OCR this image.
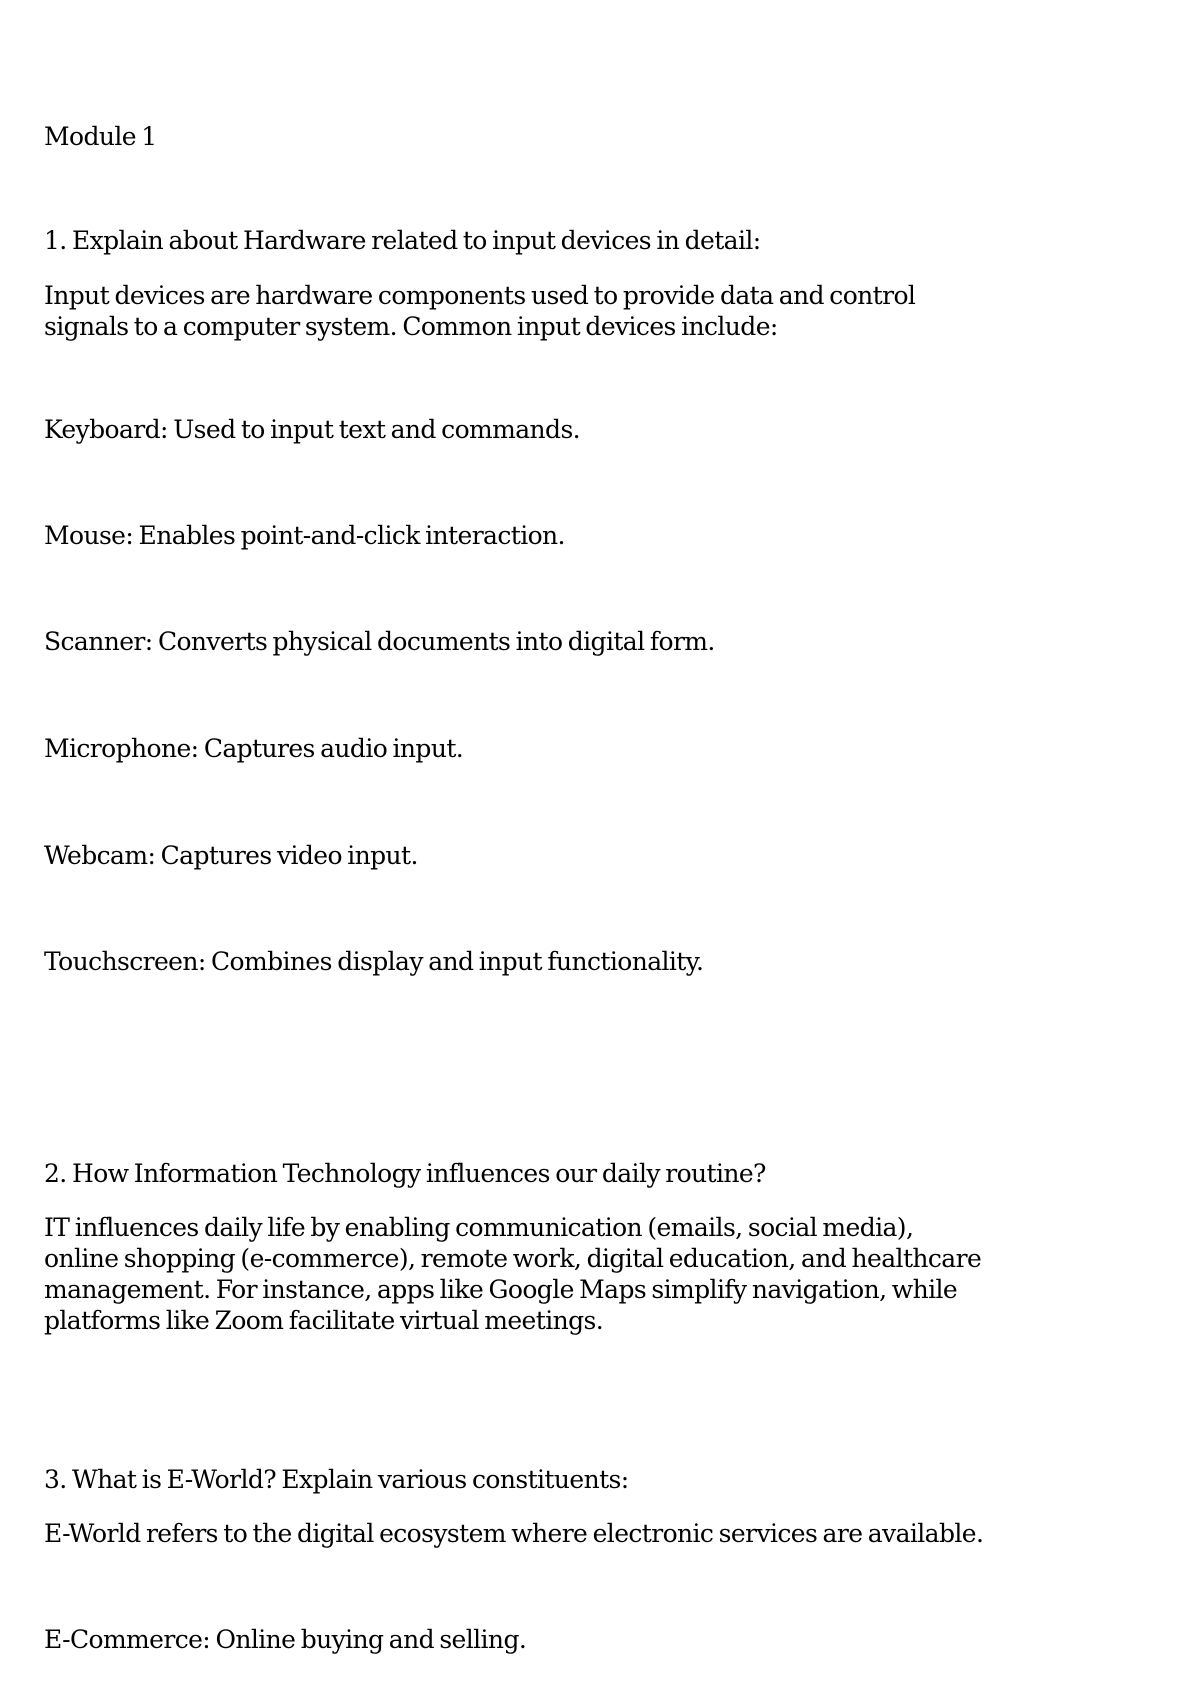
Module 1

1. Explain about Hardware related to input devices in detail:

Input devices are hardware components used to provide data and control
signals to a computer system. Common input devices include:

Keyboard: Used to input text and commands.

Mouse: Enables point-and-click interaction.

Scanner: Converts physical documents into digital form.

Microphone: Captures audio input.

Webcam: Captures video input.

Touchscreen: Combines display and input functionality.

2. How Information Technology influences our daily routine?

IT influences daily life by enabling communication (emails, social media),
online shopping (e-commerce), remote work, digital education, and healthcare
management. For instance, apps like Google Maps simplify navigation, while
platforms like Zoom facilitate virtual meetings.

3. What is E-World? Explain various constituents:

E-World refers to the digital ecosystem where electronic services are available.

E-Commerce: Online buying and selling.
